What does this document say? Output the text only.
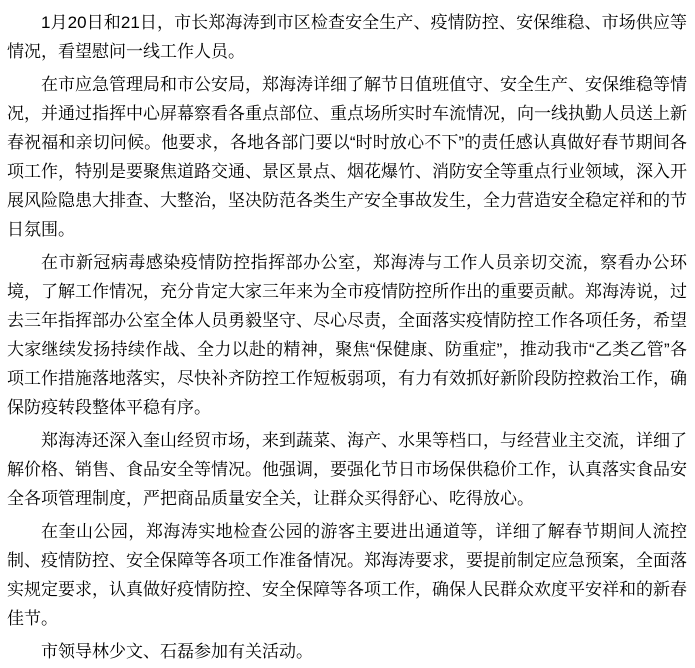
1月20日和21日，市长郑海涛到市区检查安全生产、疫情防控、安保维稳、市场供应等情况，看望慰问一线工作人员。

在市应急管理局和市公安局，郑海涛详细了解节日值班值守、安全生产、安保维稳等情况，并通过指挥中心屏幕察看各重点部位、重点场所实时车流情况，向一线执勤人员送上新春祝福和亲切问候。他要求，各地各部门要以“时时放心不下”的责任感认真做好春节期间各项工作，特别是要聚焦道路交通、景区景点、烟花爆竹、消防安全等重点行业领域，深入开展风险隐患大排查、大整治，坚决防范各类生产安全事故发生，全力营造安全稳定祥和的节日氛围。

在市新冠病毒感染疫情防控指挥部办公室，郑海涛与工作人员亲切交流，察看办公环境，了解工作情况，充分肯定大家三年来为全市疫情防控所作出的重要贡献。郑海涛说，过去三年指挥部办公室全体人员勇毅坚守、尽心尽责，全面落实疫情防控工作各项任务，希望大家继续发扬持续作战、全力以赴的精神，聚焦“保健康、防重症”，推动我市“乙类乙管”各项工作措施落地落实，尽快补齐防控工作短板弱项，有力有效抓好新阶段防控救治工作，确保防疫转段整体平稳有序。

郑海涛还深入奎山经贸市场，来到蔬菜、海产、水果等档口，与经营业主交流，详细了解价格、销售、食品安全等情况。他强调，要强化节日市场保供稳价工作，认真落实食品安全各项管理制度，严把商品质量安全关，让群众买得舒心、吃得放心。

在奎山公园，郑海涛实地检查公园的游客主要进出通道等，详细了解春节期间人流控制、疫情防控、安全保障等各项工作准备情况。郑海涛要求，要提前制定应急预案，全面落实规定要求，认真做好疫情防控、安全保障等各项工作，确保人民群众欢度平安祥和的新春佳节。

市领导林少文、石磊参加有关活动。
